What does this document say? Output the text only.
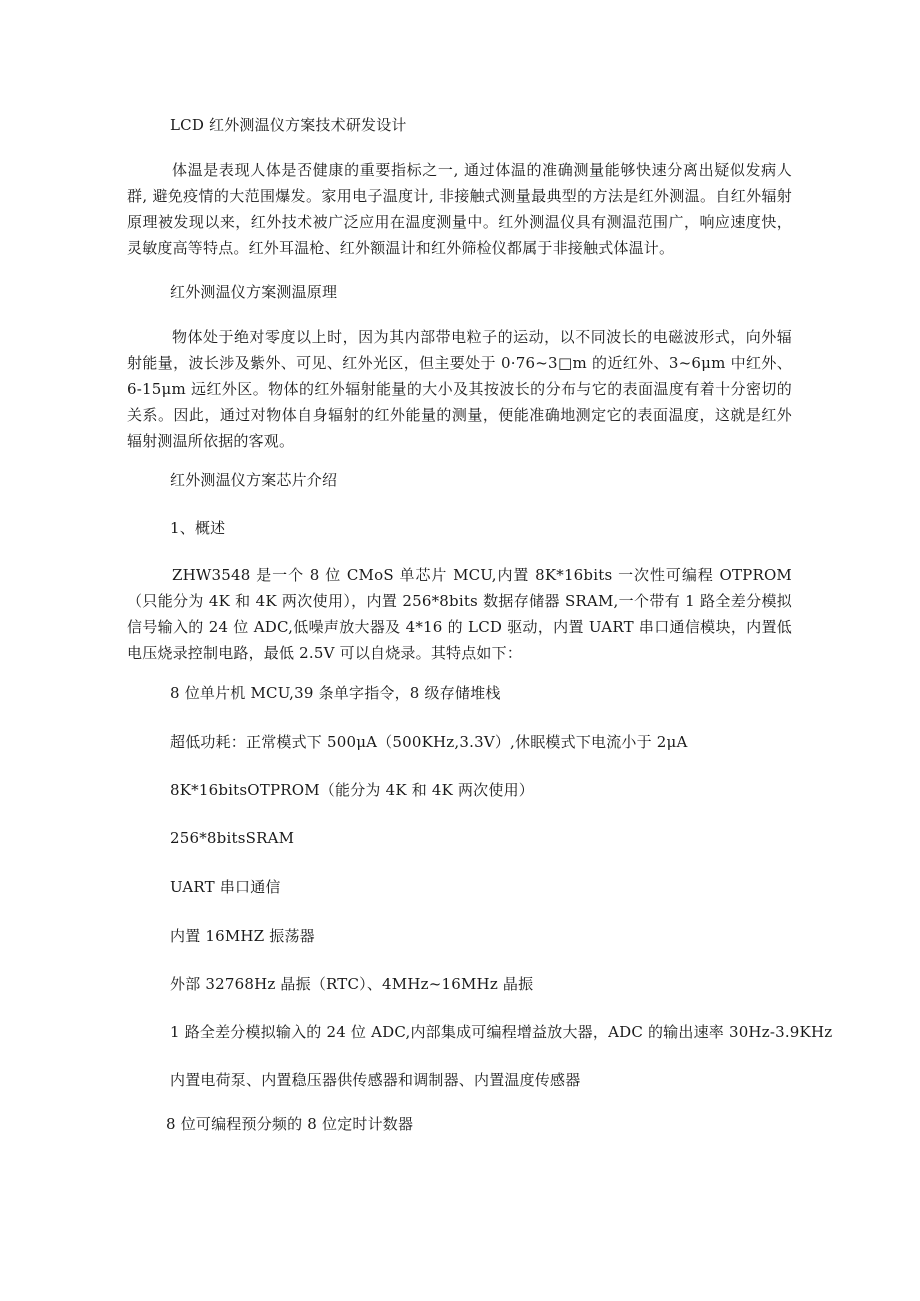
LCD 红外测温仪方案技术研发设计

体温是表现人体是否健康的重要指标之一, 通过体温的准确测量能够快速分离出疑似发病人群, 避免疫情的大范围爆发。家用电子温度计, 非接触式测量最典型的方法是红外测温。自红外辐射原理被发现以来，红外技术被广泛应用在温度测量中。红外测温仪具有测温范围广，响应速度快，灵敏度高等特点。红外耳温枪、红外额温计和红外筛检仪都属于非接触式体温计。

红外测温仪方案测温原理

物体处于绝对零度以上时，因为其内部带电粒子的运动，以不同波长的电磁波形式，向外辐射能量，波长涉及紫外、可见、红外光区，但主要处于 0·76~3□m 的近红外、3~6μm 中红外、6-15μm 远红外区。物体的红外辐射能量的大小及其按波长的分布与它的表面温度有着十分密切的关系。因此，通过对物体自身辐射的红外能量的测量，便能准确地测定它的表面温度，这就是红外辐射测温所依据的客观。

红外测温仪方案芯片介绍
1、概述

ZHW3548 是一个 8 位 CMoS 单芯片 MCU,内置 8K*16bits 一次性可编程 OTPROM（只能分为 4K 和 4K 两次使用），内置 256*8bits 数据存储器 SRAM,一个带有 1 路全差分模拟信号输入的 24 位 ADC,低噪声放大器及 4*16 的 LCD 驱动，内置 UART 串口通信模块，内置低电压烧录控制电路，最低 2.5V 可以自烧录。其特点如下：

8 位单片机 MCU,39 条单字指令，8 级存储堆栈
超低功耗：正常模式下 500μA（500KHz,3.3V）,休眠模式下电流小于 2μA
8K*16bitsOTPROM（能分为 4K 和 4K 两次使用）
256*8bitsSRAM
UART 串口通信
内置 16MHZ 振荡器
外部 32768Hz 晶振（RTC）、4MHz~16MHz 晶振
1 路全差分模拟输入的 24 位 ADC,内部集成可编程增益放大器，ADC 的输出速率 30Hz-3.9KHz
内置电荷泵、内置稳压器供传感器和调制器、内置温度传感器
8 位可编程预分频的 8 位定时计数器
